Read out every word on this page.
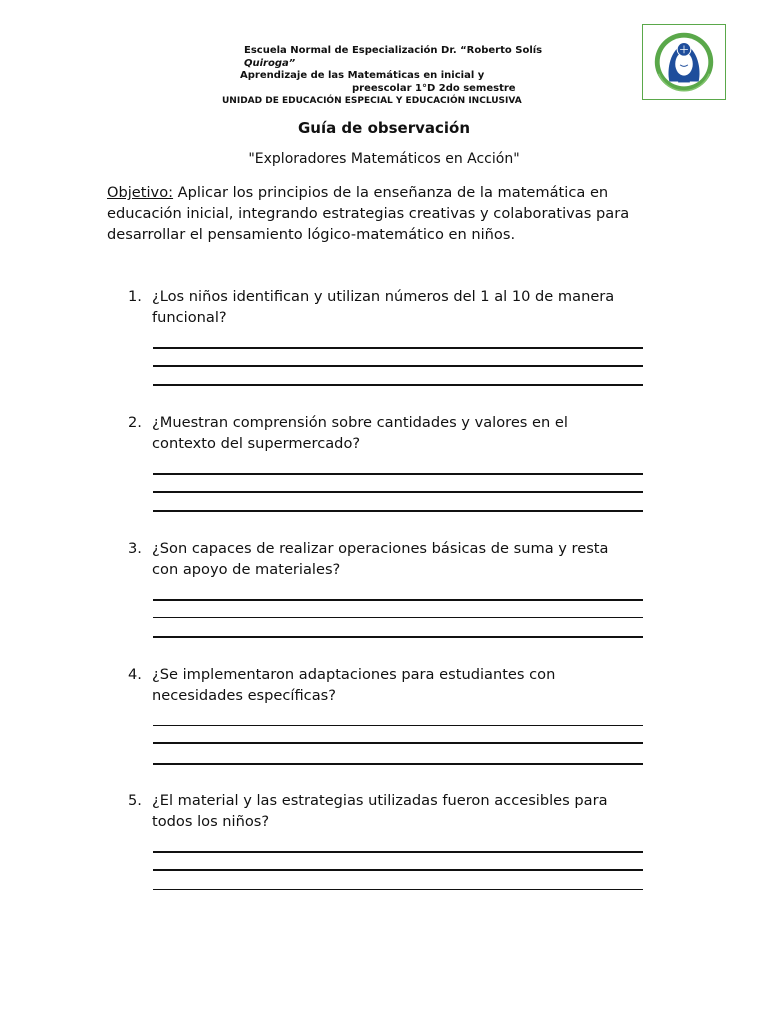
Escuela Normal de Especialización Dr. “Roberto Solís
Quiroga”
Aprendizaje de las Matemáticas en inicial y
preescolar 1°D 2do semestre
UNIDAD DE EDUCACIÓN ESPECIAL Y EDUCACIÓN INCLUSIVA
Guía de observación
"Exploradores Matemáticos en Acción"
Objetivo: Aplicar los principios de la enseñanza de la matemática en educación inicial, integrando estrategias creativas y colaborativas para desarrollar el pensamiento lógico-matemático en niños.
1. ¿Los niños identifican y utilizan números del 1 al 10 de manera funcional?
2. ¿Muestran comprensión sobre cantidades y valores en el contexto del supermercado?
3. ¿Son capaces de realizar operaciones básicas de suma y resta con apoyo de materiales?
4. ¿Se implementaron adaptaciones para estudiantes con necesidades específicas?
5. ¿El material y las estrategias utilizadas fueron accesibles para todos los niños?
